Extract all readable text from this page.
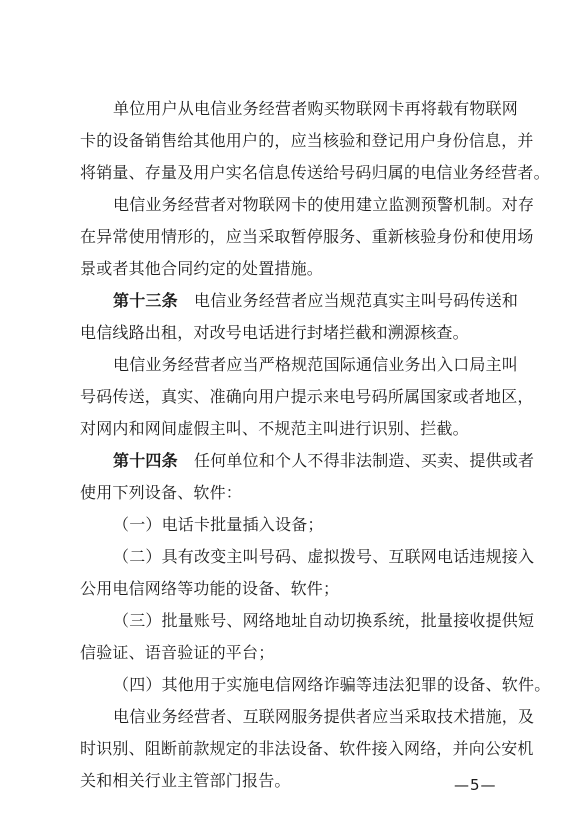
单位用户从电信业务经营者购买物联网卡再将载有物联网
卡的设备销售给其他用户的，应当核验和登记用户身份信息，并
将销量、存量及用户实名信息传送给号码归属的电信业务经营者。
电信业务经营者对物联网卡的使用建立监测预警机制。对存
在异常使用情形的，应当采取暂停服务、重新核验身份和使用场
景或者其他合同约定的处置措施。
第十三条　 电信业务经营者应当规范真实主叫号码传送和
电信线路出租，对改号电话进行封堵拦截和溯源核查。
电信业务经营者应当严格规范国际通信业务出入口局主叫
号码传送，真实、准确向用户提示来电号码所属国家或者地区，
对网内和网间虚假主叫、不规范主叫进行识别、拦截。
第十四条　 任何单位和个人不得非法制造、买卖、提供或者
使用下列设备、软件：
（一）电话卡批量插入设备；
（二）具有改变主叫号码、虚拟拨号、互联网电话违规接入
公用电信网络等功能的设备、软件；
（三）批量账号、网络地址自动切换系统，批量接收提供短
信验证、语音验证的平台；
（四）其他用于实施电信网络诈骗等违法犯罪的设备、软件。
电信业务经营者、互联网服务提供者应当采取技术措施，及
时识别、阻断前款规定的非法设备、软件接入网络，并向公安机
关和相关行业主管部门报告。	—5—
